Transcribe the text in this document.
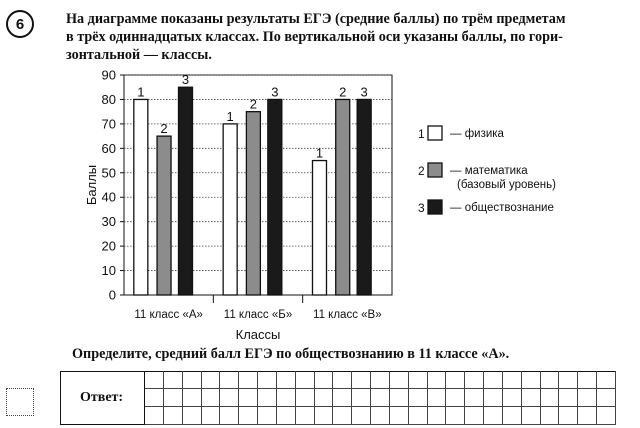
6	На диаграмме показаны результаты ЕГЭ (средние баллы) по трём предметам
в трёх одиннадцатых классах. По вертикальной оси указаны баллы, по гори-
зонтальной — классы.
0
10
20
30
40
50
60
70
80
90
1
2
3
11 класс «А»
1
2
3
11 класс «Б»
1
2 3
11 класс «В»
Классы
Баллы
1 — физика
2 — математика
(базовый уровень)
3 — обществознание
Определите, средний балл ЕГЭ по обществознанию в 11 классе «А».
Ответ:
